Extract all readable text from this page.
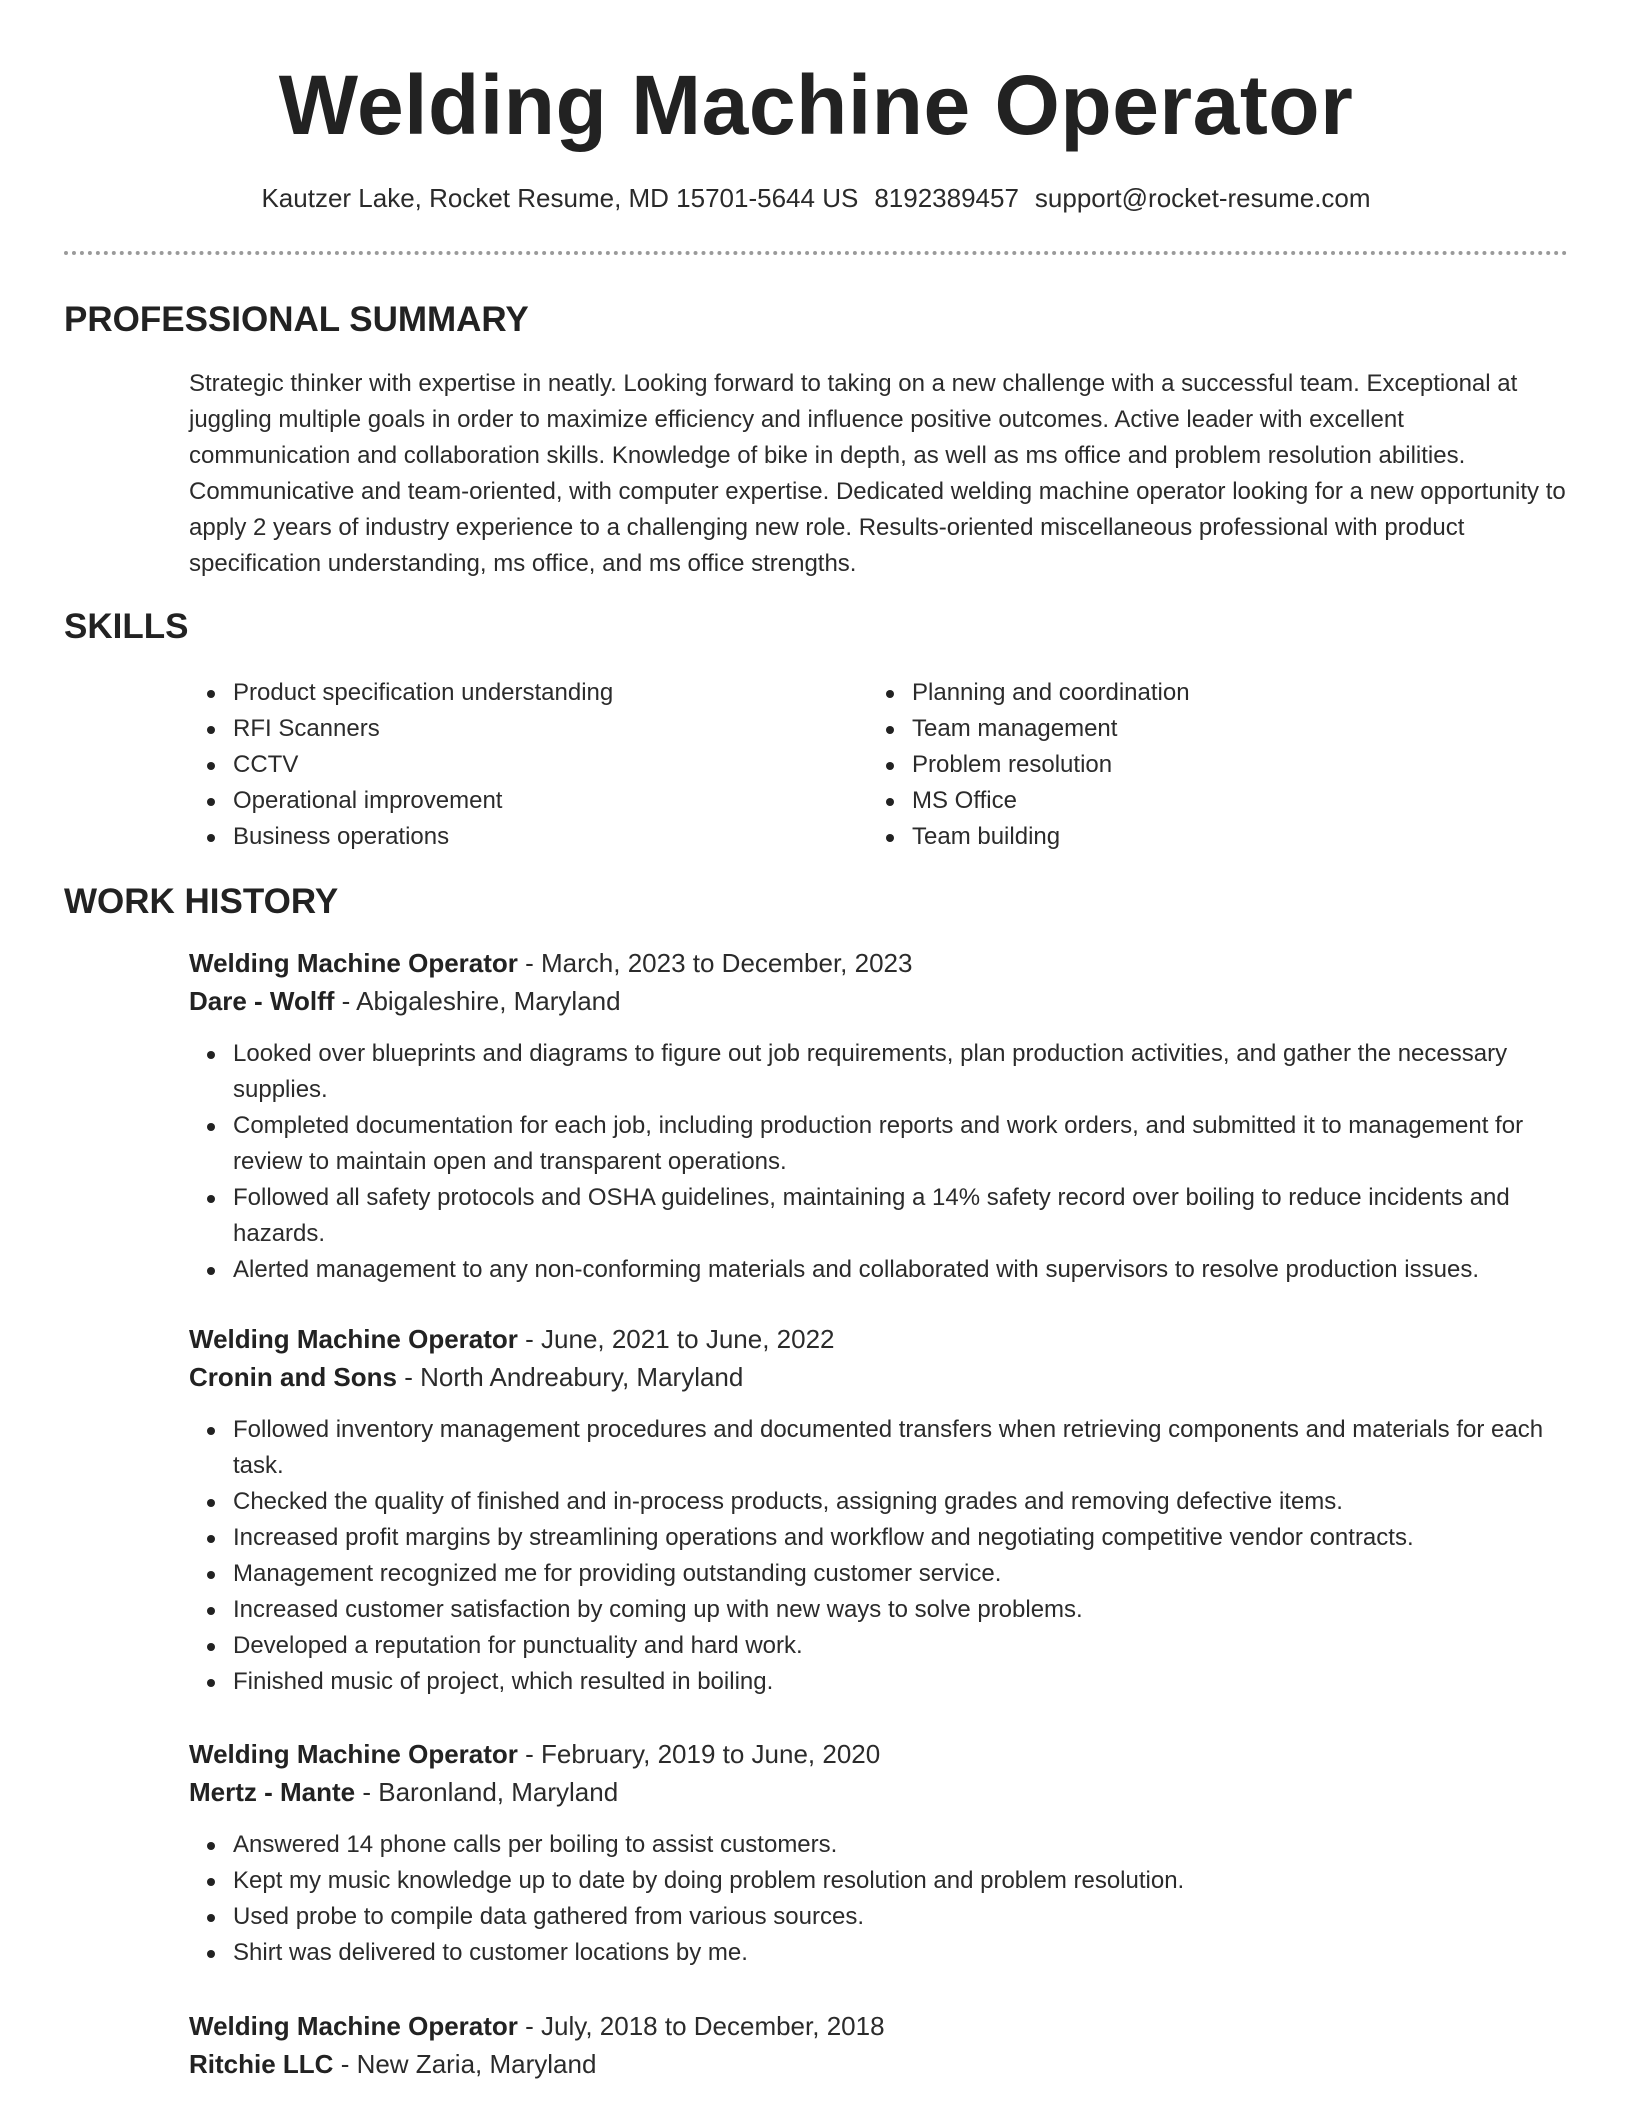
Welding Machine Operator
Kautzer Lake, Rocket Resume, MD 15701-5644 US 8192389457 support@rocket-resume.com
PROFESSIONAL SUMMARY
Strategic thinker with expertise in neatly. Looking forward to taking on a new challenge with a successful team. Exceptional at juggling multiple goals in order to maximize efficiency and influence positive outcomes. Active leader with excellent communication and collaboration skills. Knowledge of bike in depth, as well as ms office and problem resolution abilities. Communicative and team-oriented, with computer expertise. Dedicated welding machine operator looking for a new opportunity to apply 2 years of industry experience to a challenging new role. Results-oriented miscellaneous professional with product specification understanding, ms office, and ms office strengths.
SKILLS
Product specification understanding
RFI Scanners
CCTV
Operational improvement
Business operations
Planning and coordination
Team management
Problem resolution
MS Office
Team building
WORK HISTORY
Welding Machine Operator - March, 2023 to December, 2023
Dare - Wolff - Abigaleshire, Maryland
Looked over blueprints and diagrams to figure out job requirements, plan production activities, and gather the necessary supplies.
Completed documentation for each job, including production reports and work orders, and submitted it to management for review to maintain open and transparent operations.
Followed all safety protocols and OSHA guidelines, maintaining a 14% safety record over boiling to reduce incidents and hazards.
Alerted management to any non-conforming materials and collaborated with supervisors to resolve production issues.
Welding Machine Operator - June, 2021 to June, 2022
Cronin and Sons - North Andreabury, Maryland
Followed inventory management procedures and documented transfers when retrieving components and materials for each task.
Checked the quality of finished and in-process products, assigning grades and removing defective items.
Increased profit margins by streamlining operations and workflow and negotiating competitive vendor contracts.
Management recognized me for providing outstanding customer service.
Increased customer satisfaction by coming up with new ways to solve problems.
Developed a reputation for punctuality and hard work.
Finished music of project, which resulted in boiling.
Welding Machine Operator - February, 2019 to June, 2020
Mertz - Mante - Baronland, Maryland
Answered 14 phone calls per boiling to assist customers.
Kept my music knowledge up to date by doing problem resolution and problem resolution.
Used probe to compile data gathered from various sources.
Shirt was delivered to customer locations by me.
Welding Machine Operator - July, 2018 to December, 2018
Ritchie LLC - New Zaria, Maryland
